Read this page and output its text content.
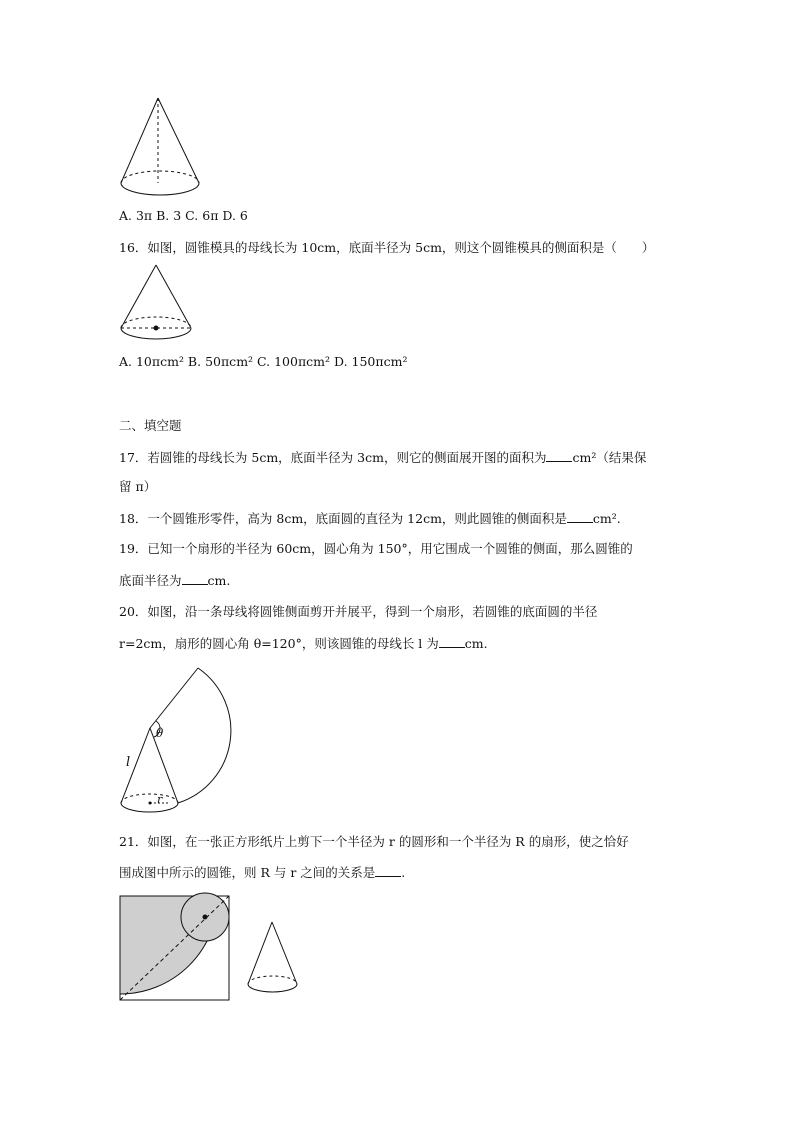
A. 3π B. 3 C. 6π D. 6
16．如图，圆锥模具的母线长为 10cm，底面半径为 5cm，则这个圆锥模具的侧面积是（　　）
A. 10πcm² B. 50πcm² C. 100πcm² D. 150πcm²
二、填空题
17．若圆锥的母线长为 5cm，底面半径为 3cm，则它的侧面展开图的面积为 cm²（结果保
留 π）
18．一个圆锥形零件，高为 8cm，底面圆的直径为 12cm，则此圆锥的侧面积是 cm².
19．已知一个扇形的半径为 60cm，圆心角为 150°，用它围成一个圆锥的侧面，那么圆锥的
底面半径为 cm.
20．如图，沿一条母线将圆锥侧面剪开并展平，得到一个扇形，若圆锥的底面圆的半径
r=2cm，扇形的圆心角 θ=120°，则该圆锥的母线长 l 为 cm.
θ
l
r
21．如图，在一张正方形纸片上剪下一个半径为 r 的圆形和一个半径为 R 的扇形，使之恰好
围成图中所示的圆锥，则 R 与 r 之间的关系是 .
